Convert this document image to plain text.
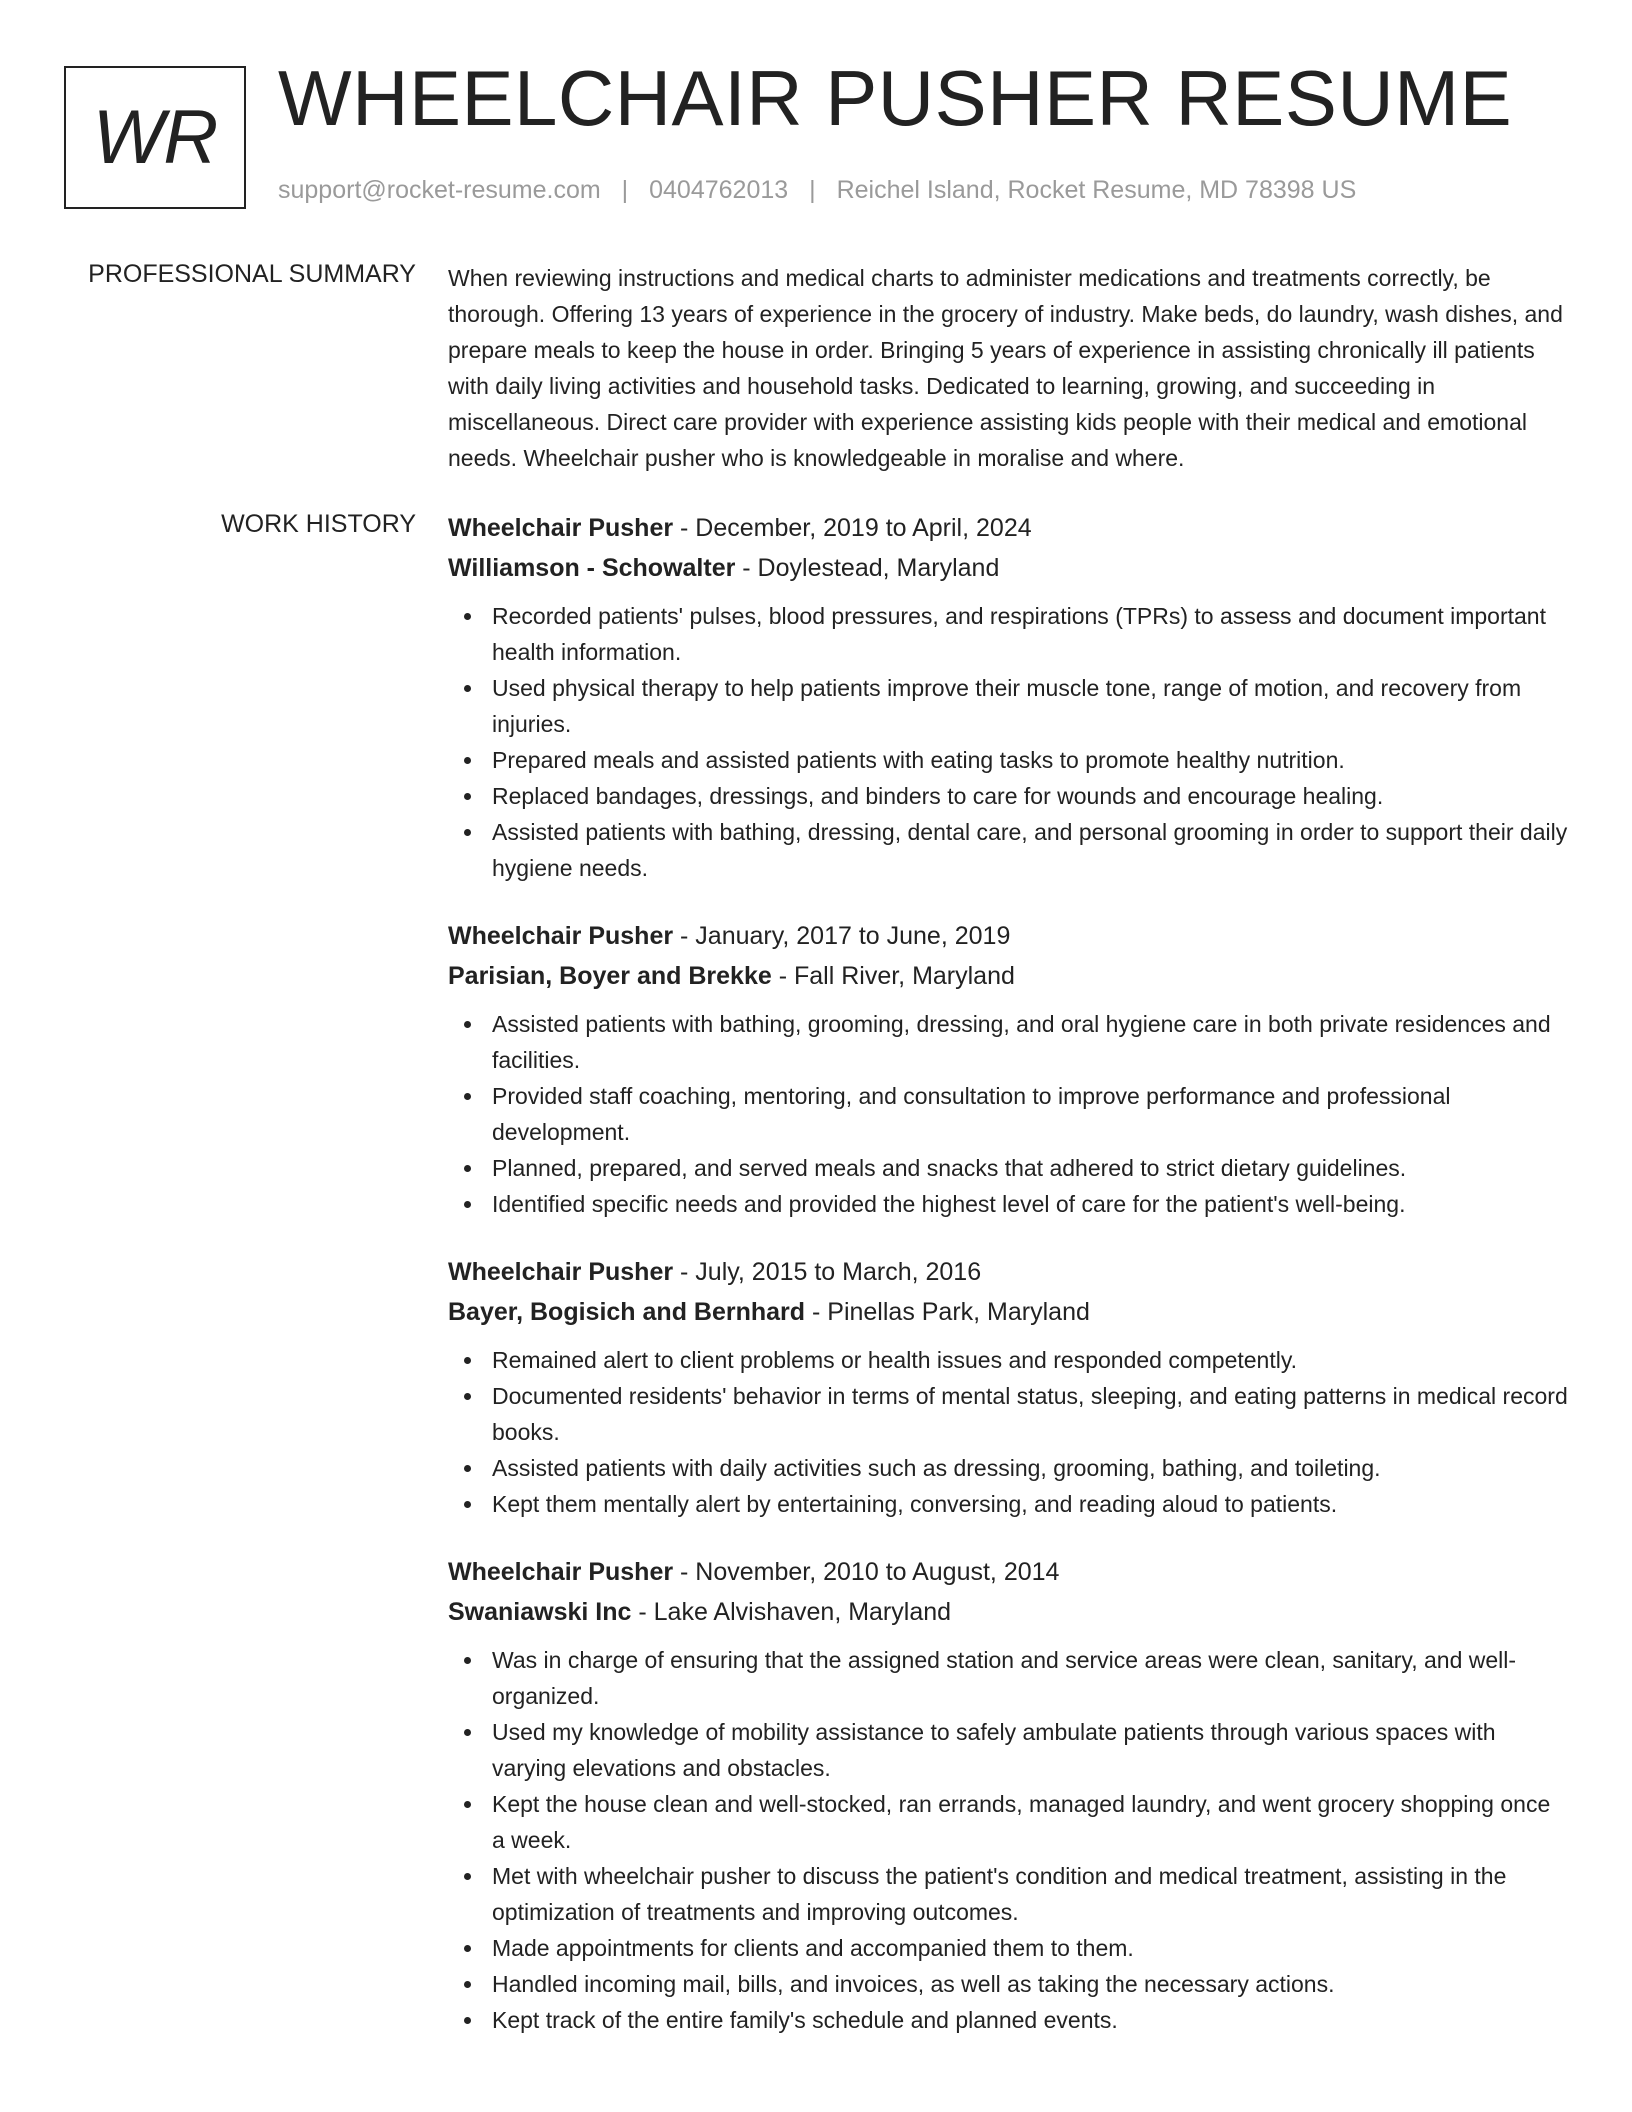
WR WHEELCHAIR PUSHER RESUME
support@rocket-resume.com | 0404762013 | Reichel Island, Rocket Resume, MD 78398 US
PROFESSIONAL SUMMARY When reviewing instructions and medical charts to administer medications and treatments correctly, be thorough. Offering 13 years of experience in the grocery of industry. Make beds, do laundry, wash dishes, and prepare meals to keep the house in order. Bringing 5 years of experience in assisting chronically ill patients with daily living activities and household tasks. Dedicated to learning, growing, and succeeding in miscellaneous. Direct care provider with experience assisting kids people with their medical and emotional needs. Wheelchair pusher who is knowledgeable in moralise and where.

WORK HISTORY Wheelchair Pusher - December, 2019 to April, 2024
Williamson - Schowalter - Doylestead, Maryland
Recorded patients' pulses, blood pressures, and respirations (TPRs) to assess and document important health information.
Used physical therapy to help patients improve their muscle tone, range of motion, and recovery from injuries.
Prepared meals and assisted patients with eating tasks to promote healthy nutrition.
Replaced bandages, dressings, and binders to care for wounds and encourage healing.
Assisted patients with bathing, dressing, dental care, and personal grooming in order to support their daily hygiene needs.
Wheelchair Pusher - January, 2017 to June, 2019
Parisian, Boyer and Brekke - Fall River, Maryland
Assisted patients with bathing, grooming, dressing, and oral hygiene care in both private residences and facilities.
Provided staff coaching, mentoring, and consultation to improve performance and professional development.
Planned, prepared, and served meals and snacks that adhered to strict dietary guidelines.
Identified specific needs and provided the highest level of care for the patient's well-being.
Wheelchair Pusher - July, 2015 to March, 2016
Bayer, Bogisich and Bernhard - Pinellas Park, Maryland
Remained alert to client problems or health issues and responded competently.
Documented residents' behavior in terms of mental status, sleeping, and eating patterns in medical record books.
Assisted patients with daily activities such as dressing, grooming, bathing, and toileting.
Kept them mentally alert by entertaining, conversing, and reading aloud to patients.
Wheelchair Pusher - November, 2010 to August, 2014
Swaniawski Inc - Lake Alvishaven, Maryland
Was in charge of ensuring that the assigned station and service areas were clean, sanitary, and well-organized.
Used my knowledge of mobility assistance to safely ambulate patients through various spaces with varying elevations and obstacles.
Kept the house clean and well-stocked, ran errands, managed laundry, and went grocery shopping once a week.
Met with wheelchair pusher to discuss the patient's condition and medical treatment, assisting in the optimization of treatments and improving outcomes.
Made appointments for clients and accompanied them to them.
Handled incoming mail, bills, and invoices, as well as taking the necessary actions.
Kept track of the entire family's schedule and planned events.
